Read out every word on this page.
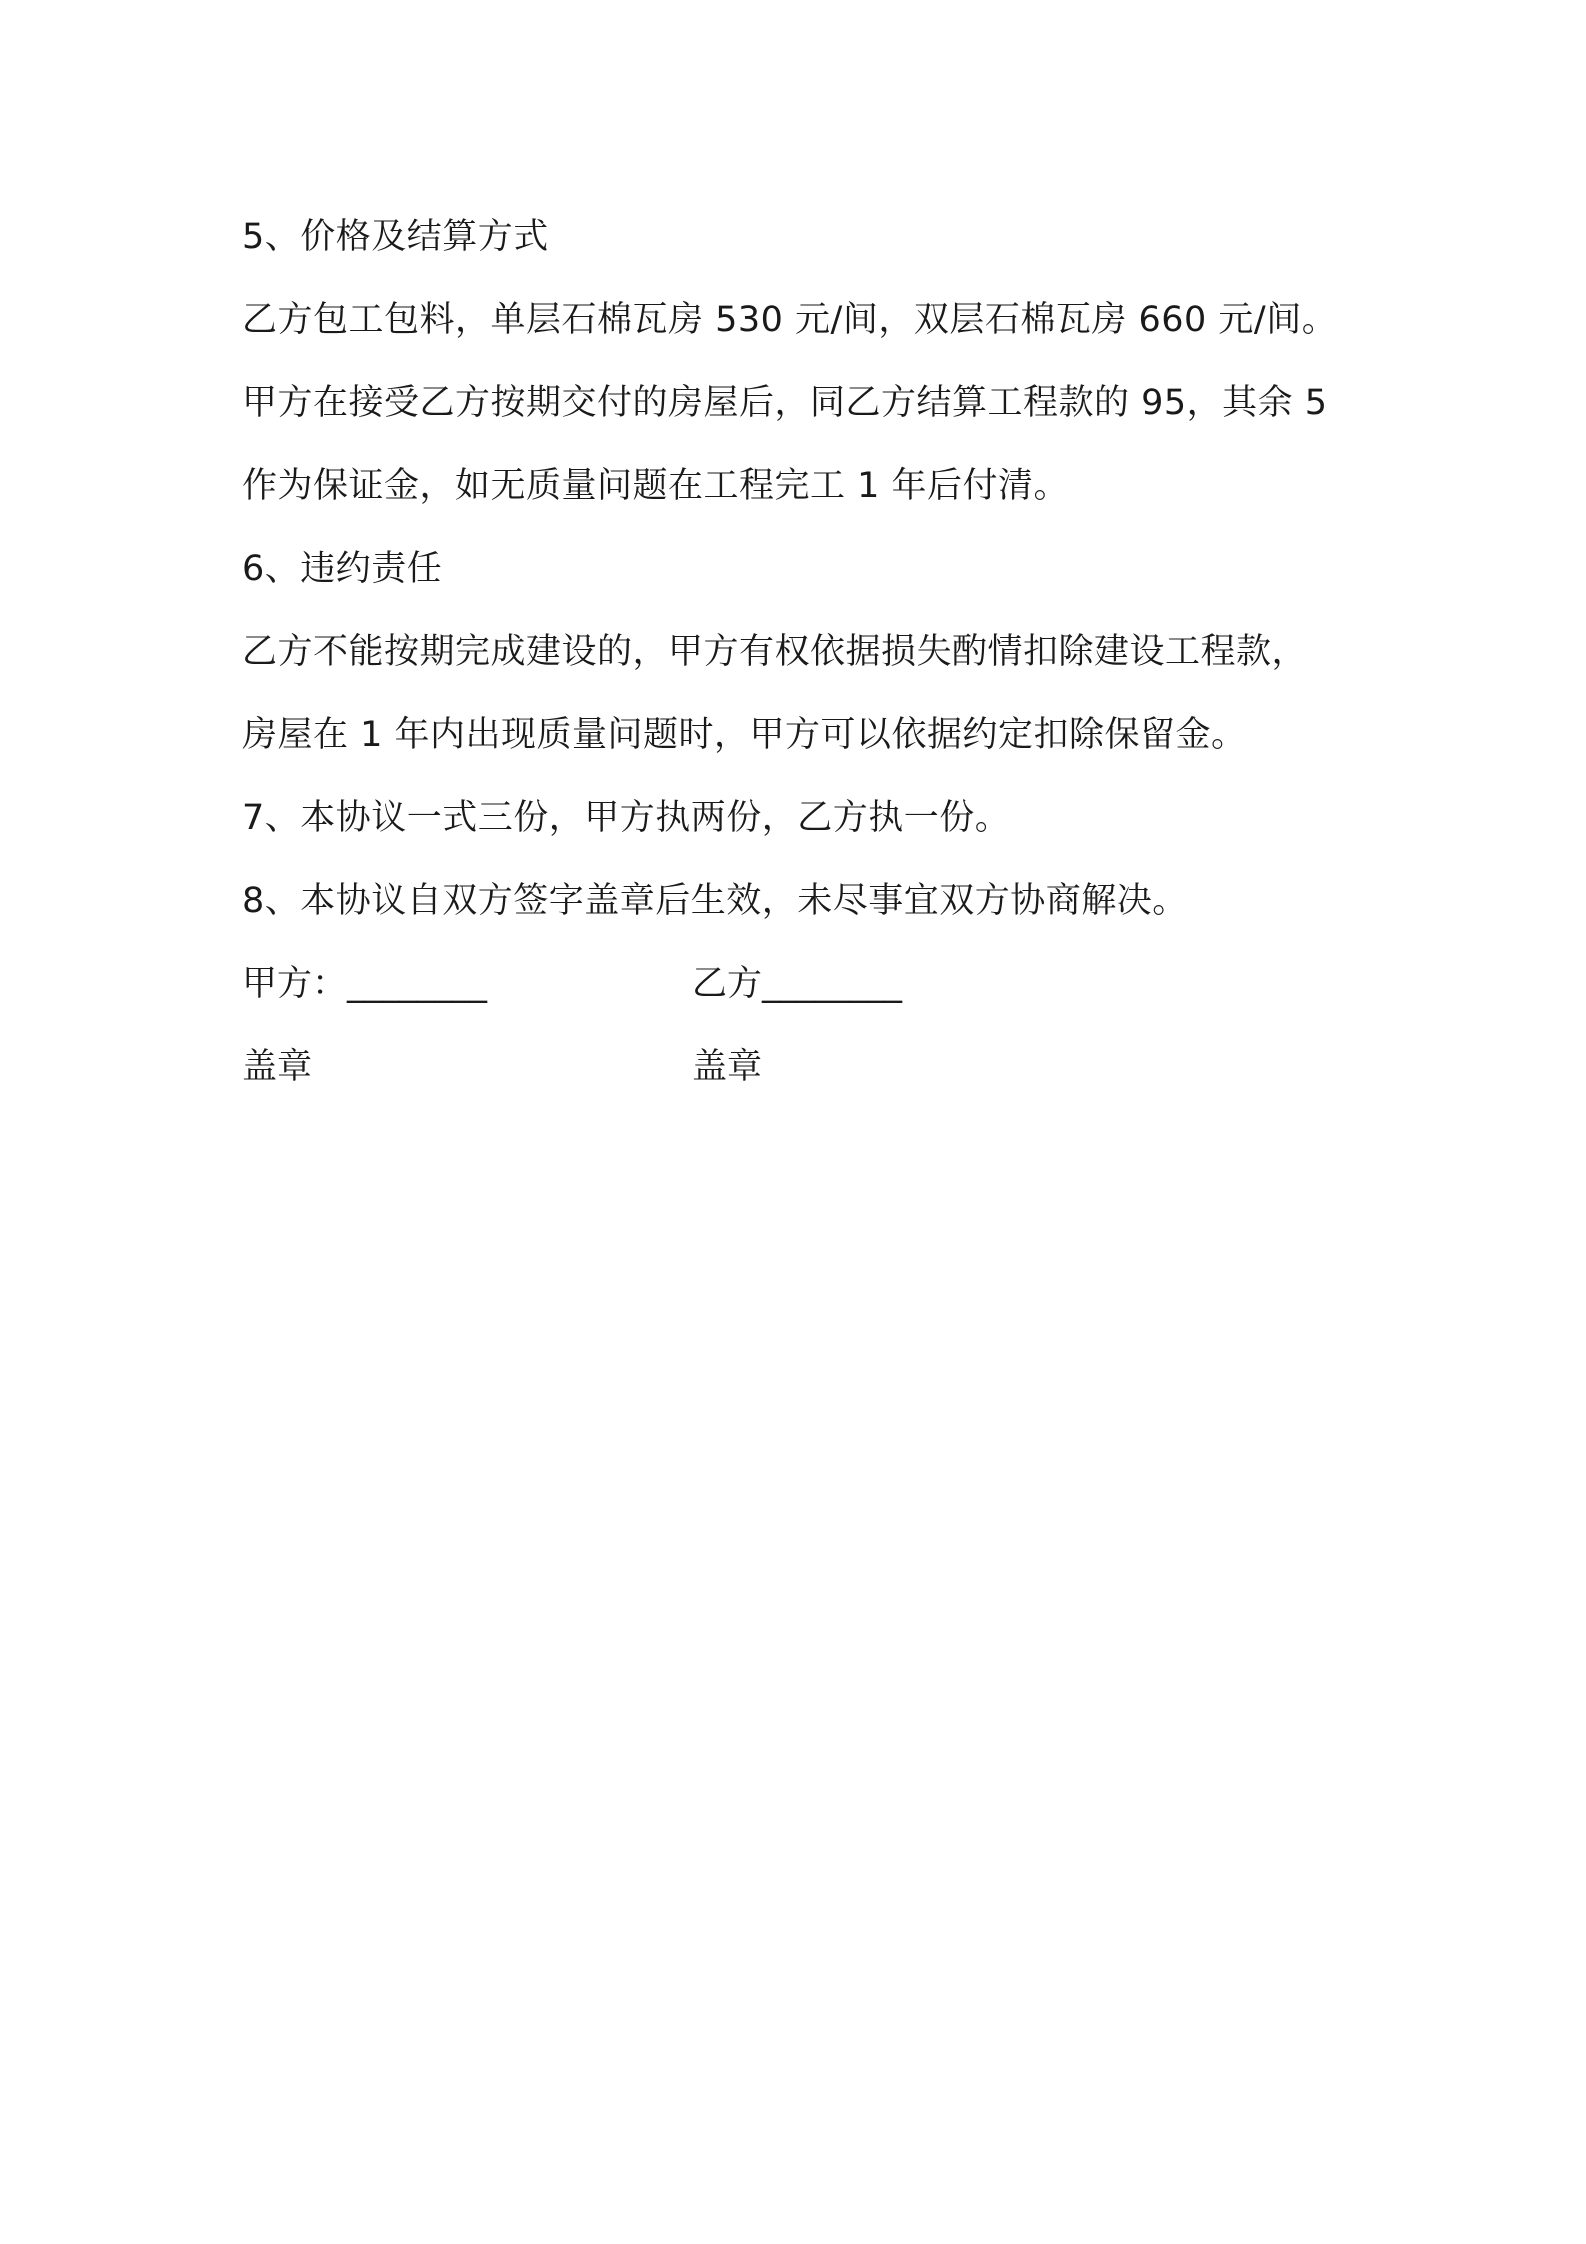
5、价格及结算方式
乙方包工包料，单层石棉瓦房 530 元/间，双层石棉瓦房 660 元/间。
甲方在接受乙方按期交付的房屋后，同乙方结算工程款的 95，其余 5
作为保证金，如无质量问题在工程完工 1 年后付清。
6、违约责任
乙方不能按期完成建设的，甲方有权依据损失酌情扣除建设工程款，
房屋在 1 年内出现质量问题时，甲方可以依据约定扣除保留金。
7、本协议一式三份，甲方执两份，乙方执一份。
8、本协议自双方签字盖章后生效，未尽事宜双方协商解决。
甲方：________	乙方________
盖章	盖章
